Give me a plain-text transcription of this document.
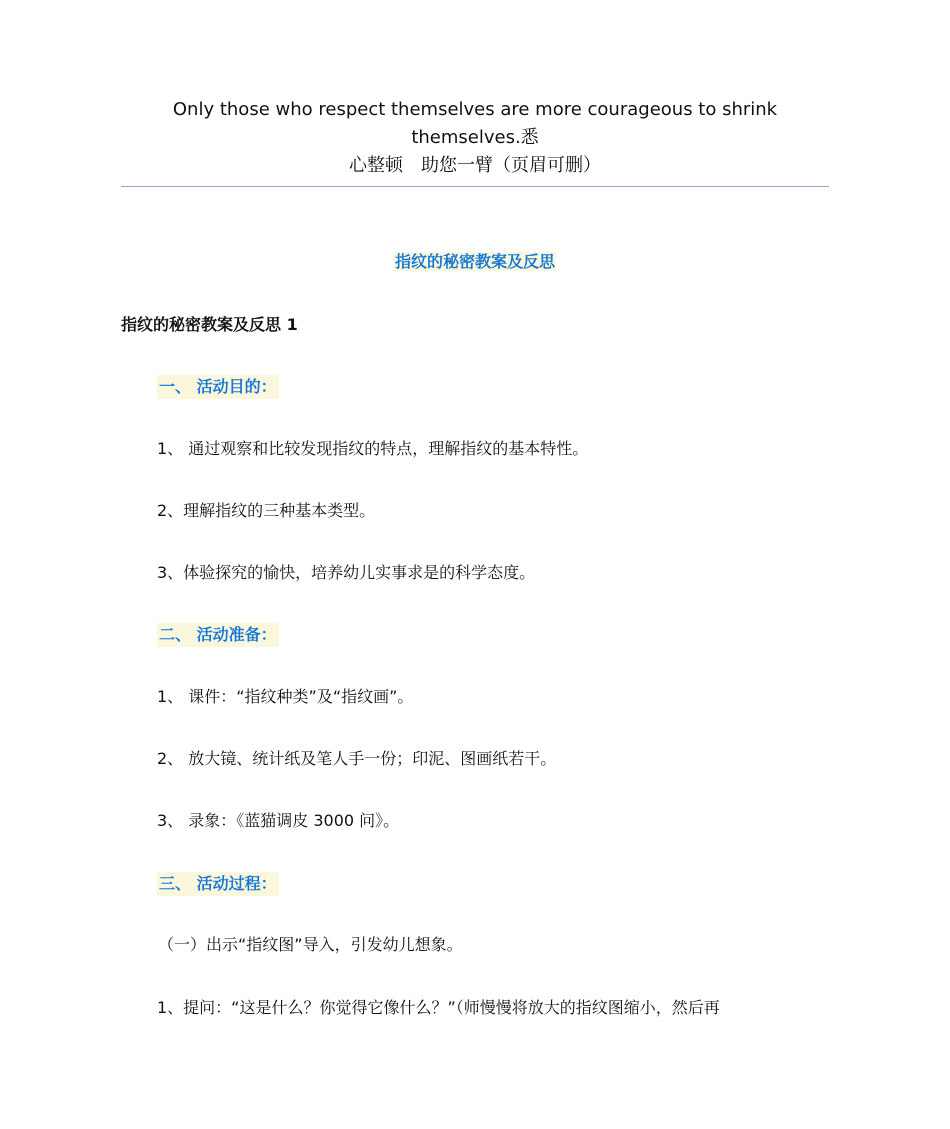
Only those who respect themselves are more courageous to shrink themselves.悉
心整顿　助您一臂（页眉可删）
指纹的秘密教案及反思
指纹的秘密教案及反思 1
一、 活动目的：
1、 通过观察和比较发现指纹的特点，理解指纹的基本特性。
2、理解指纹的三种基本类型。
3、体验探究的愉快，培养幼儿实事求是的科学态度。
二、 活动准备：
1、 课件：“指纹种类”及“指纹画”。
2、 放大镜、统计纸及笔人手一份；印泥、图画纸若干。
3、 录象：《蓝猫调皮 3000 问》。
三、 活动过程：
（一）出示“指纹图”导入，引发幼儿想象。
1、提问：“这是什么？你觉得它像什么？”（师慢慢将放大的指纹图缩小，然后再
